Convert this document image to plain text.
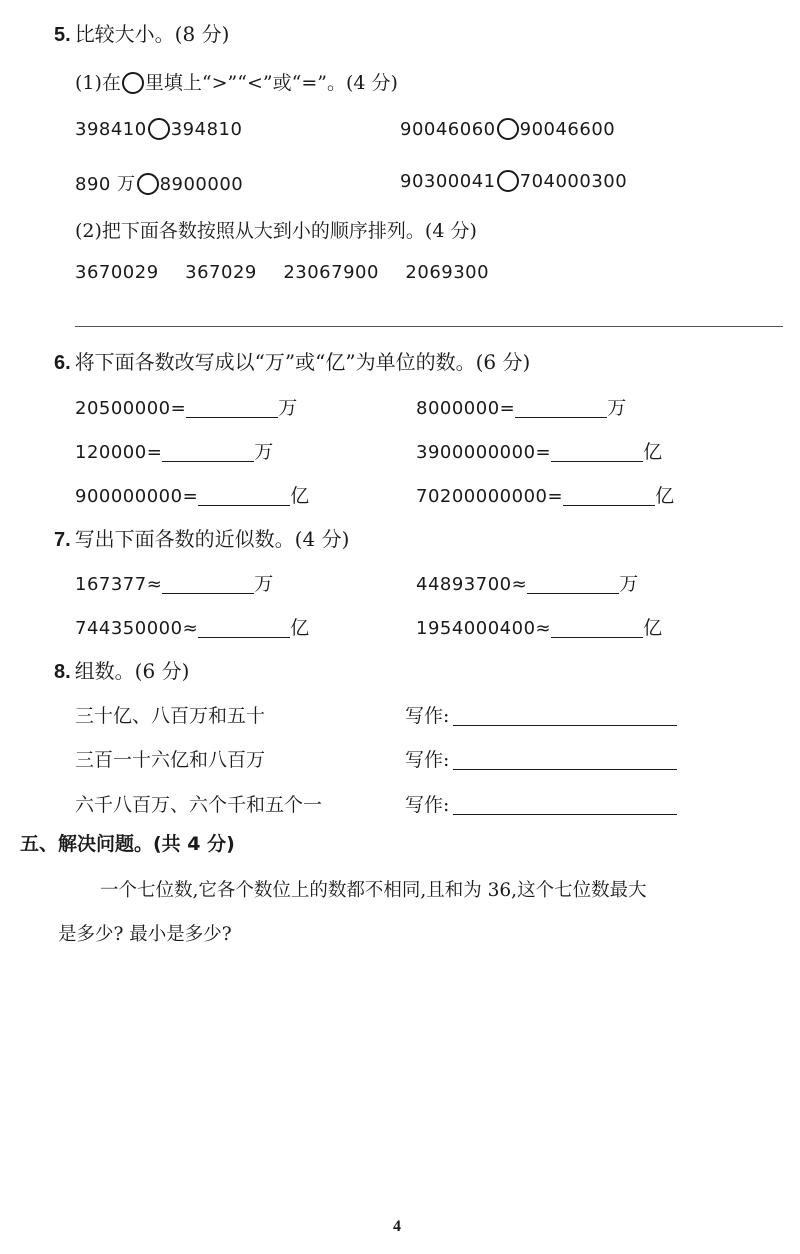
5. 比较大小。(8 分)
(1)在 里填上“>”“<”或“=”。(4 分)
398410 394810	90046060 90046600
890 万 8900000	90300041 704000300
(2)把下面各数按照从大到小的顺序排列。(4 分)
3670029 367029 23067900 2069300
6. 将下面各数改写成以“万”或“亿”为单位的数。(6 分)
20500000=	万	8000000=	万
120000=	万	3900000000=	亿
900000000=	亿	70200000000=	亿
7. 写出下面各数的近似数。(4 分)
167377≈	万	44893700≈	万
744350000≈	亿	1954000400≈	亿
8. 组数。(6 分)
三十亿、八百万和五十	写作:
三百一十六亿和八百万	写作:
六千八百万、六个千和五个一	写作:
五、解决问题。(共 4 分)
一个七位数,它各个数位上的数都不相同,且和为 36,这个七位数最大
是多少? 最小是多少?
4
